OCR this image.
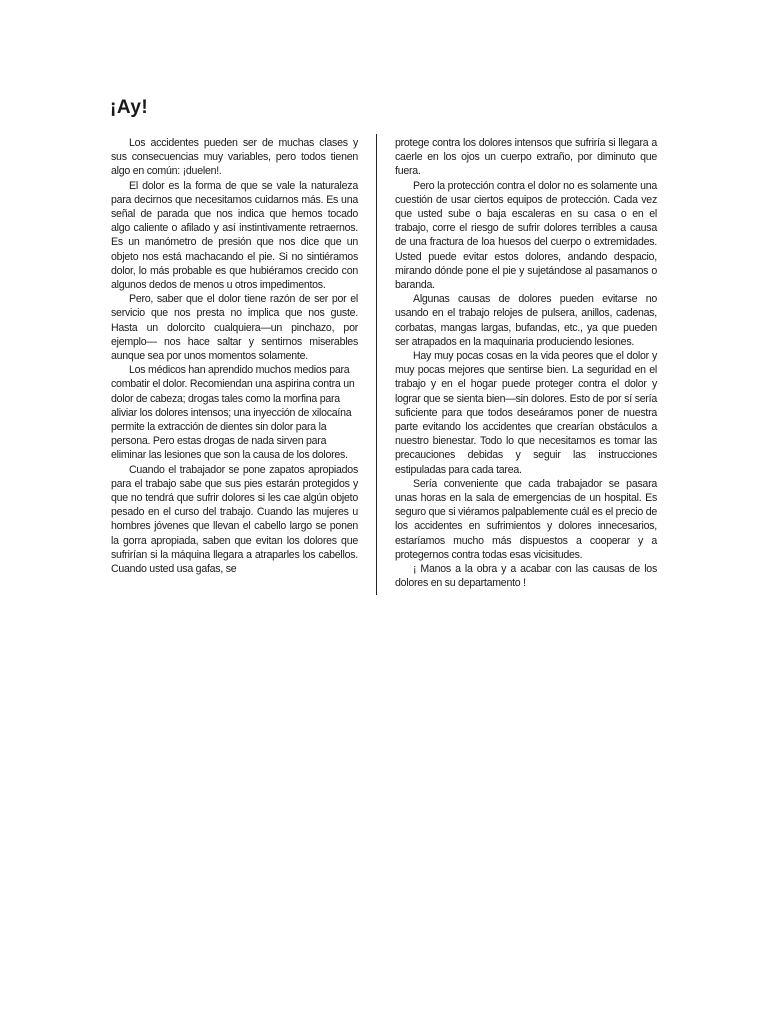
¡Ay!

Los accidentes pueden ser de muchas clases y sus consecuencias muy variables, pero todos tienen algo en común: ¡duelen!.

El dolor es la forma de que se vale la naturaleza para decirnos que necesitamos cuidarnos más. Es una señal de parada que nos indica que hemos tocado algo caliente o afilado y así instintivamente retraernos. Es un manómetro de presión que nos dice que un objeto nos está machacando el pie. Si no sintiéramos dolor, lo más probable es que hubiéramos crecido con algunos dedos de menos u otros impedimentos.

Pero, saber que el dolor tiene razón de ser por el servicio que nos presta no implica que nos guste. Hasta un dolorcito cualquiera—un pinchazo, por ejemplo— nos hace saltar y sentirnos miserables aunque sea por unos momentos solamente.

Los médicos han aprendido muchos medios para combatir el dolor. Recomiendan una aspirina contra un dolor de cabeza; drogas tales como la morfina para aliviar los dolores intensos; una inyección de xilocaína permite la extracción de dientes sin dolor para la persona. Pero estas drogas de nada sirven para eliminar las lesiones que son la causa de los dolores.

Cuando el trabajador se pone zapatos apropiados para el trabajo sabe que sus pies estarán protegidos y que no tendrá que sufrir dolores si les cae algún objeto pesado en el curso del trabajo. Cuando las mujeres u hombres jóvenes que llevan el cabello largo se ponen la gorra apropiada, saben que evitan los dolores que sufrirían si la máquina llegara a atraparles los cabellos. Cuando usted usa gafas, se

protege contra los dolores intensos que sufriría si llegara a caerle en los ojos un cuerpo extraño, por diminuto que fuera.

Pero la protección contra el dolor no es solamente una cuestión de usar ciertos equipos de protección. Cada vez que usted sube o baja escaleras en su casa o en el trabajo, corre el riesgo de sufrir dolores terribles a causa de una fractura de loa huesos del cuerpo o extremidades. Usted puede evitar estos dolores, andando despacio, mirando dónde pone el pie y sujetándose al pasamanos o baranda.

Algunas causas de dolores pueden evitarse no usando en el trabajo relojes de pulsera, anillos, cadenas, corbatas, mangas largas, bufandas, etc., ya que pueden ser atrapados en la maquinaria produciendo lesiones.

Hay muy pocas cosas en la vida peores que el dolor y muy pocas mejores que sentirse bien. La seguridad en el trabajo y en el hogar puede proteger contra el dolor y lograr que se sienta bien—sin dolores. Esto de por sí sería suficiente para que todos deseáramos poner de nuestra parte evitando los accidentes que crearían obstáculos a nuestro bienestar. Todo lo que necesitamos es tomar las precauciones debidas y seguir las instrucciones estipuladas para cada tarea.

Sería conveniente que cada trabajador se pasara unas horas en la sala de emergencias de un hospital. Es seguro que si viéramos palpablemente cuál es el precio de los accidentes en sufrimientos y dolores innecesarios, estaríamos mucho más dispuestos a cooperar y a protegernos contra todas esas vicisitudes.

¡ Manos a la obra y a acabar con las causas de los dolores en su departamento !
